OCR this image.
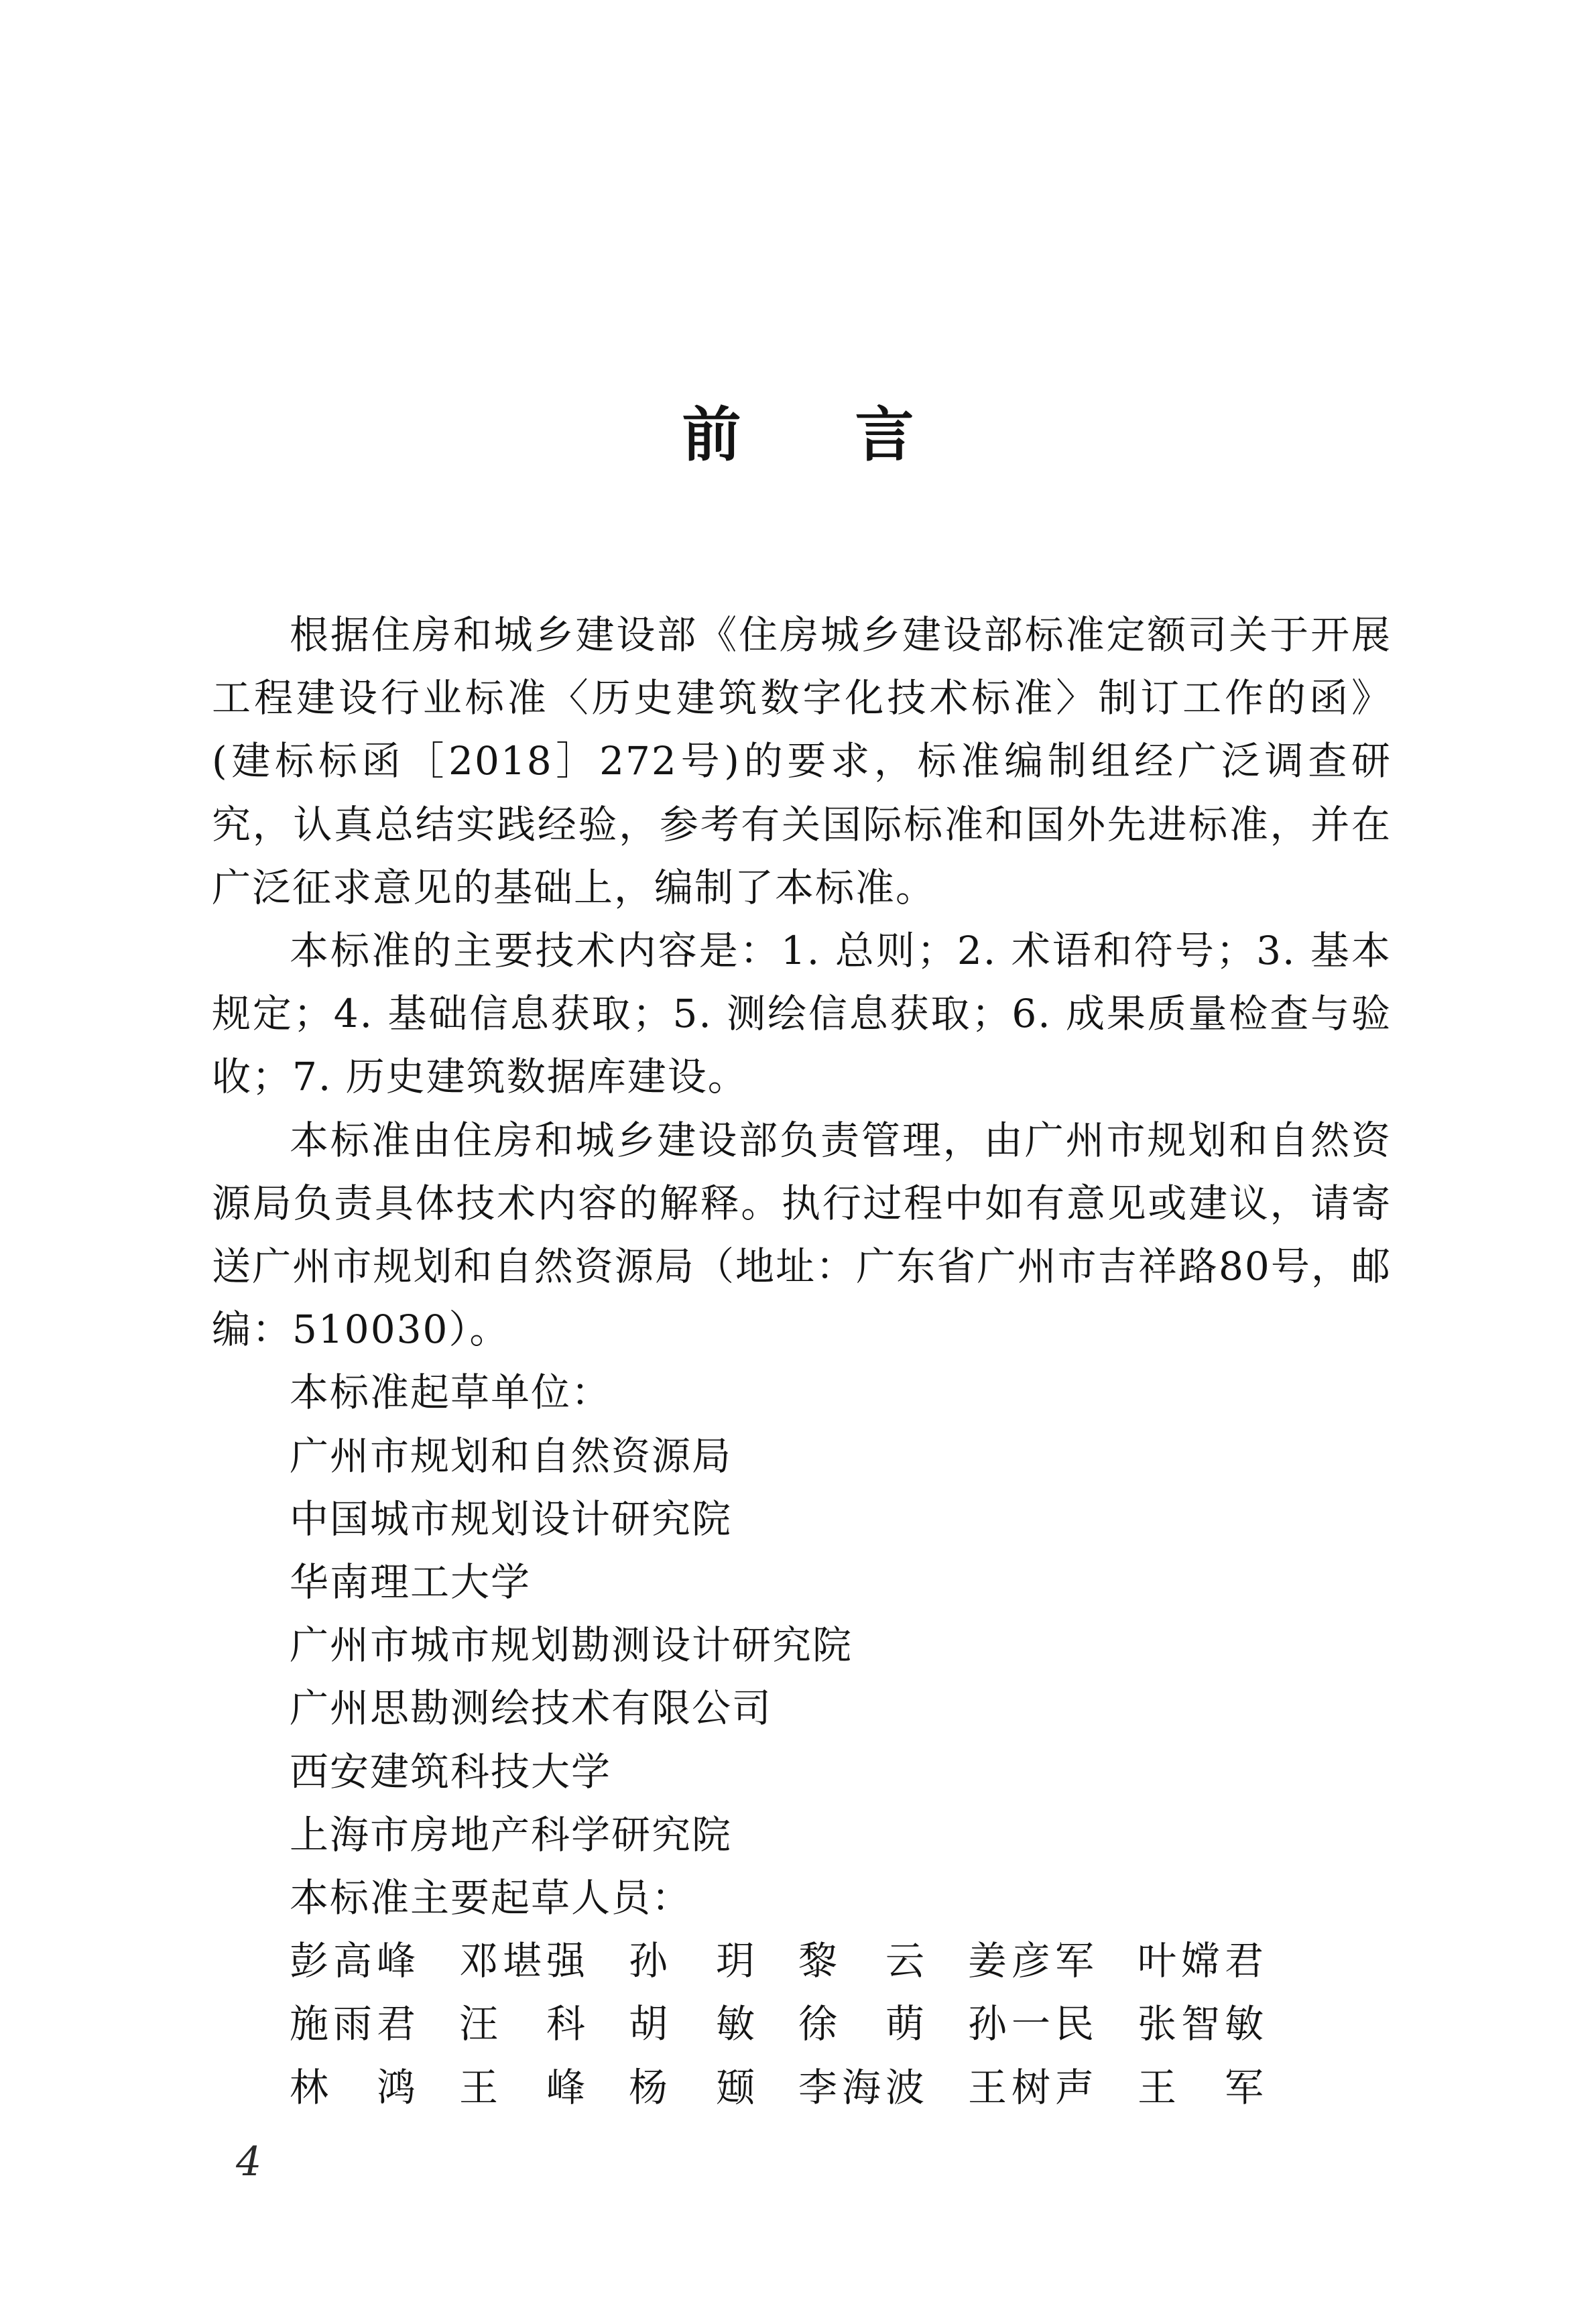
前 言

根据住房和城乡建设部《住房城乡建设部标准定额司关于开展工程建设行业标准〈历史建筑数字化技术标准〉制订工作的函》(建标标函［2018］272号)的要求，标准编制组经广泛调查研究，认真总结实践经验，参考有关国际标准和国外先进标准，并在广泛征求意见的基础上，编制了本标准。

本标准的主要技术内容是：1. 总则；2. 术语和符号；3. 基本规定；4. 基础信息获取；5. 测绘信息获取；6. 成果质量检查与验收；7. 历史建筑数据库建设。

本标准由住房和城乡建设部负责管理，由广州市规划和自然资源局负责具体技术内容的解释。执行过程中如有意见或建议，请寄送广州市规划和自然资源局（地址：广东省广州市吉祥路80号，邮编：510030）。

本标准起草单位：
广州市规划和自然资源局
中国城市规划设计研究院
华南理工大学
广州市城市规划勘测设计研究院
广州思勘测绘技术有限公司
西安建筑科技大学
上海市房地产科学研究院
本标准主要起草人员：
彭高峰	邓堪强	孙　玥	黎　云	姜彦军	叶嫦君
施雨君	汪　科	胡　敏	徐　萌	孙一民	张智敏
林　鸿	王　峰	杨　颋	李海波	王树声	王　军
4
